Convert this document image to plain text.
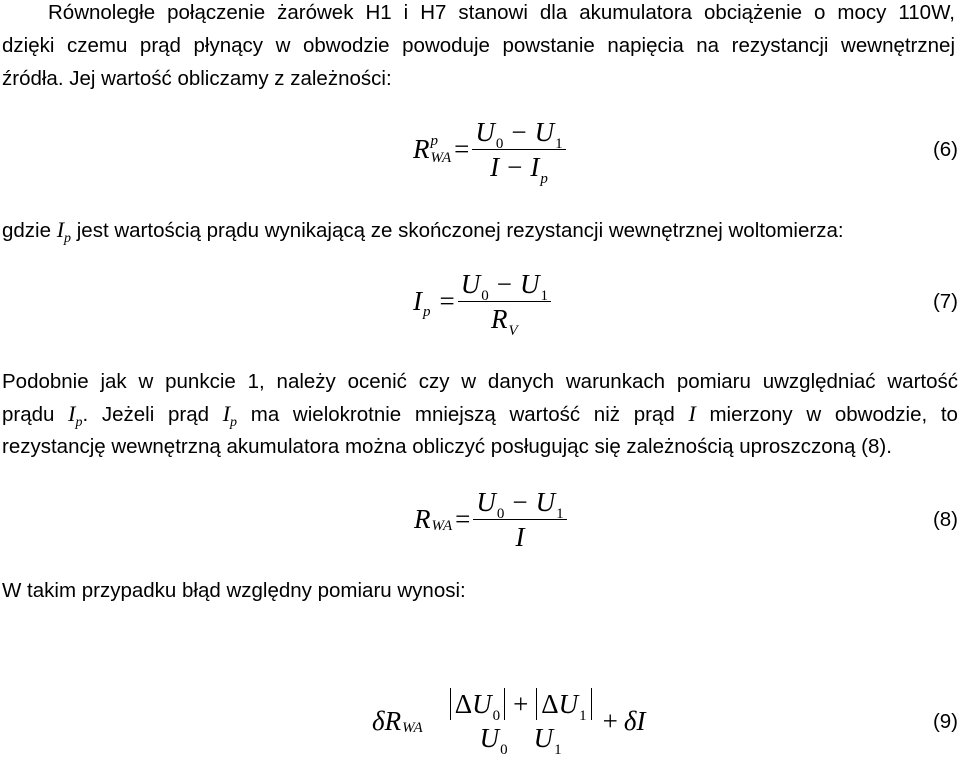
Równoległe połączenie żarówek H1 i H7 stanowi dla akumulatora obciążenie o mocy 110W,
dzięki czemu prąd płynący w obwodzie powoduje powstanie napięcia na rezystancji wewnętrznej
źródła. Jej wartość obliczamy z zależności:
R p
WA = $\frac{U 0 - U 1}{\text{I − I p}}$	(6)
gdzie $I_p$ jest wartością prądu wynikającą ze skończonej rezystancji wewnętrznej woltomierza:
I $p = \frac{U 0 - U 1}{\text{R V}}$	(7)
Podobnie jak w punkcie 1, należy ocenić czy w danych warunkach pomiaru uwzględniać wartość
prądu $I_p$. Jeżeli prąd $I_p$ ma wielokrotnie mniejszą wartość niż prąd I mierzony w obwodzie, to
rezystancję wewnętrzną akumulatora można obliczyć posługując się zależnością uproszczoną (8).
R WA = $\frac{U 0 - U 1}{I}$	(8)
W takim przypadku błąd względny pomiaru wynosi:
δ R WA
Δ U 0 + Δ U 1
U 0 U 1
+ δ I	(9)
